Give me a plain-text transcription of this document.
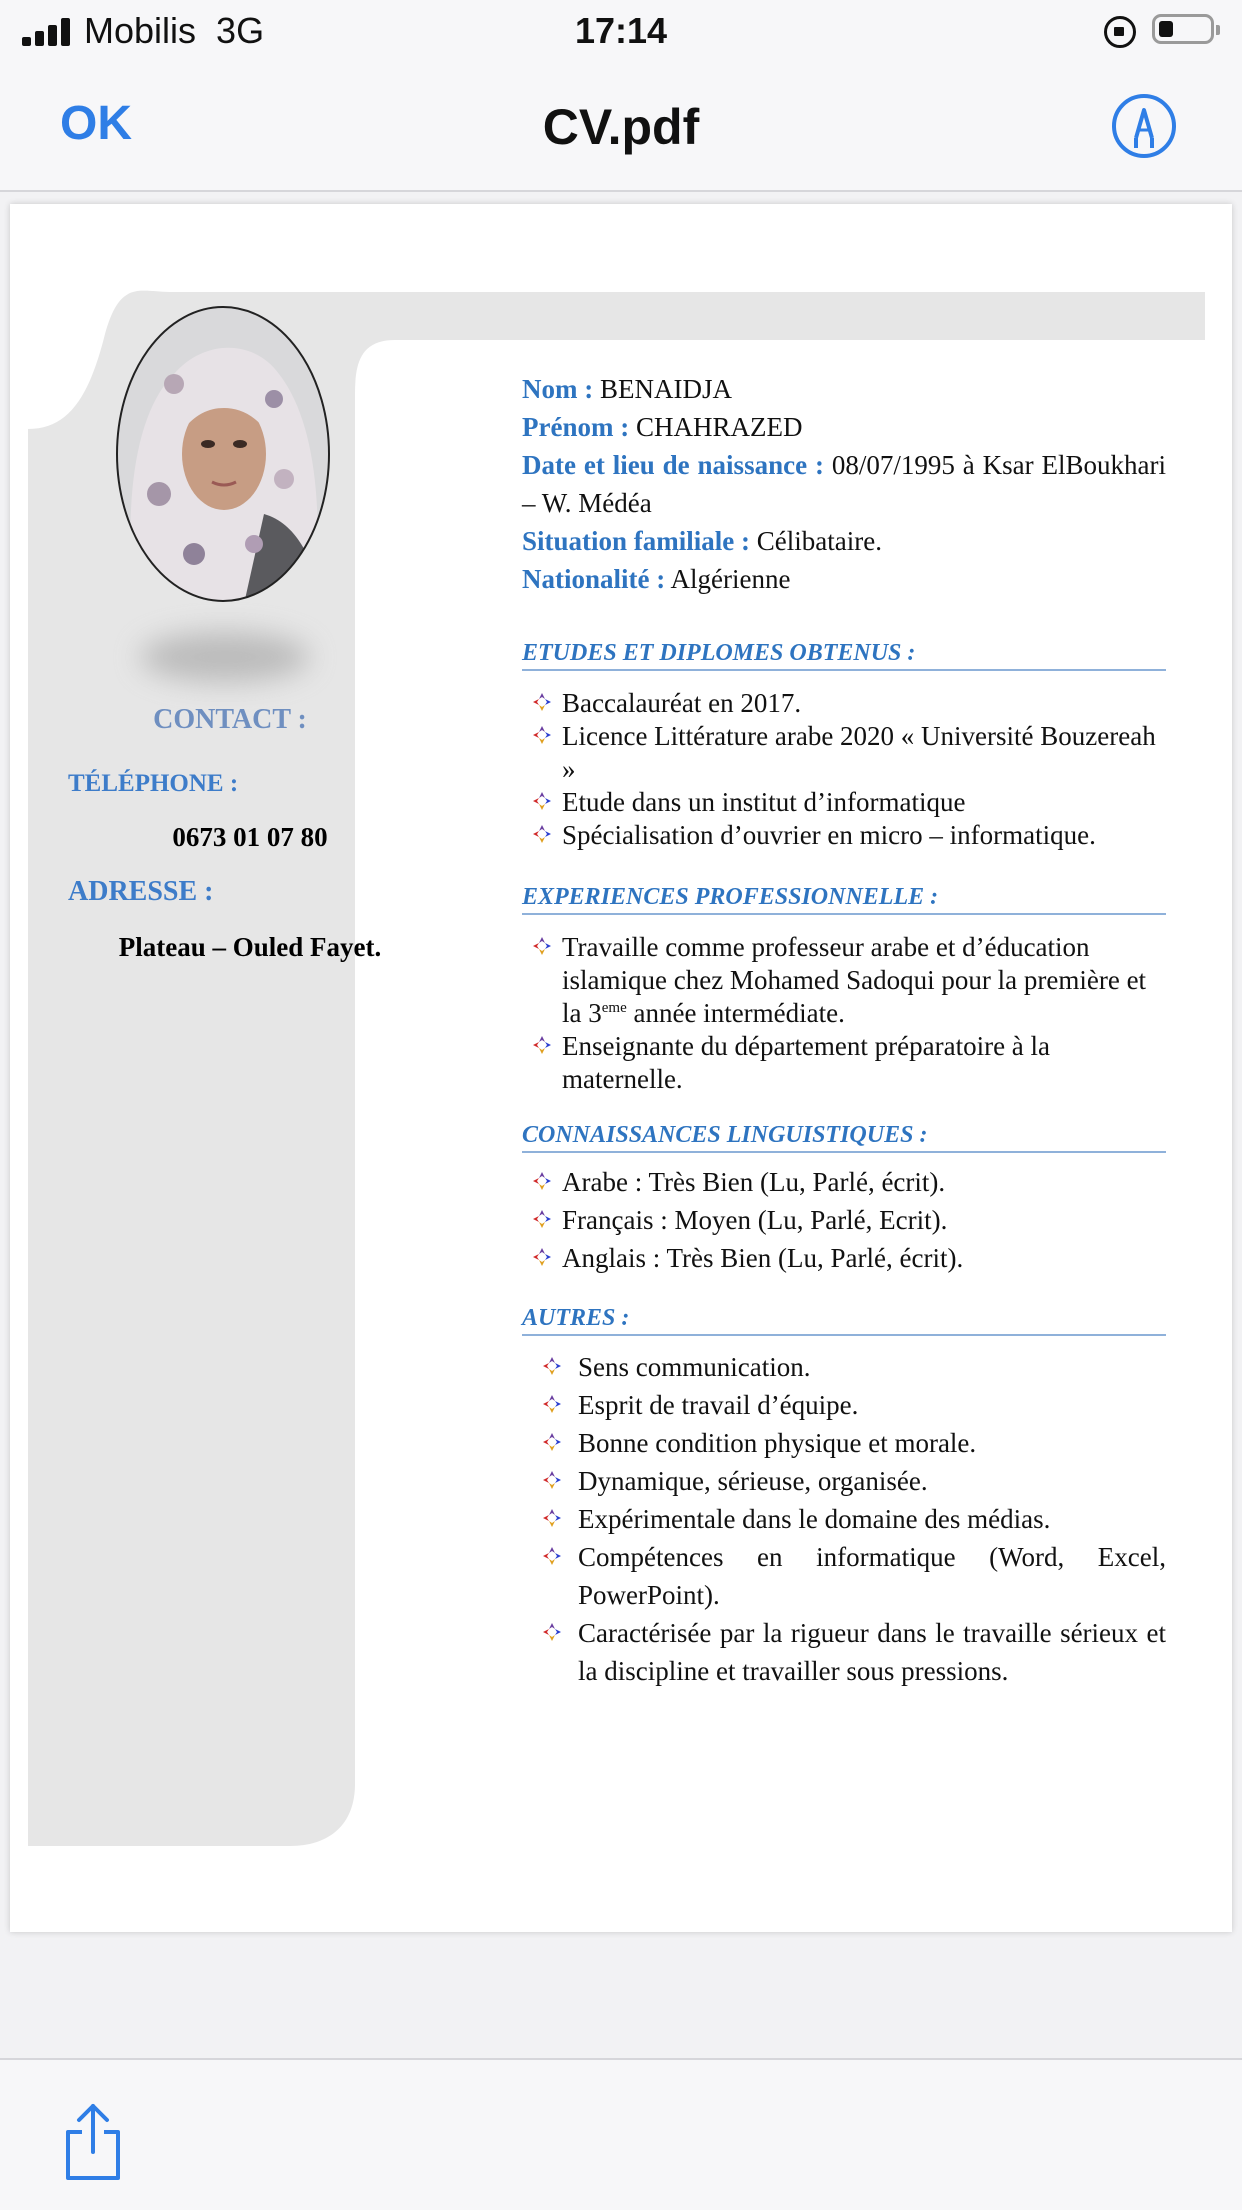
Mobilis 3G	17:14
OK	CV.pdf
CONTACT :
TÉLÉPHONE :
0673 01 07 80
ADRESSE :
Plateau – Ouled Fayet.

Nom : BENAIDJA

Prénom : CHAHRAZED

Date et lieu de naissance : 08/07/1995 à Ksar ElBoukhari – W. Médéa

Situation familiale : Célibataire.

Nationalité : Algérienne

ETUDES ET DIPLOMES OBTENUS :

Baccalauréat en 2017.
Licence Littérature arabe 2020 « Université Bouzereah »
Etude dans un institut d’informatique
Spécialisation d’ouvrier en micro – informatique.

EXPERIENCES PROFESSIONNELLE :

Travaille comme professeur arabe et d’éducation islamique chez Mohamed Sadoqui pour la première et la 3eme année intermédiate.
Enseignante du département préparatoire à la maternelle.

CONNAISSANCES LINGUISTIQUES :

Arabe : Très Bien (Lu, Parlé, écrit).
Français : Moyen (Lu, Parlé, Ecrit).
Anglais : Très Bien (Lu, Parlé, écrit).

AUTRES :

Sens communication.
Esprit de travail d’équipe.
Bonne condition physique et morale.
Dynamique, sérieuse, organisée.
Expérimentale dans le domaine des médias.
Compétences en informatique (Word, Excel, PowerPoint).
Caractérisée par la rigueur dans le travaille sérieux et la discipline et travailler sous pressions.
